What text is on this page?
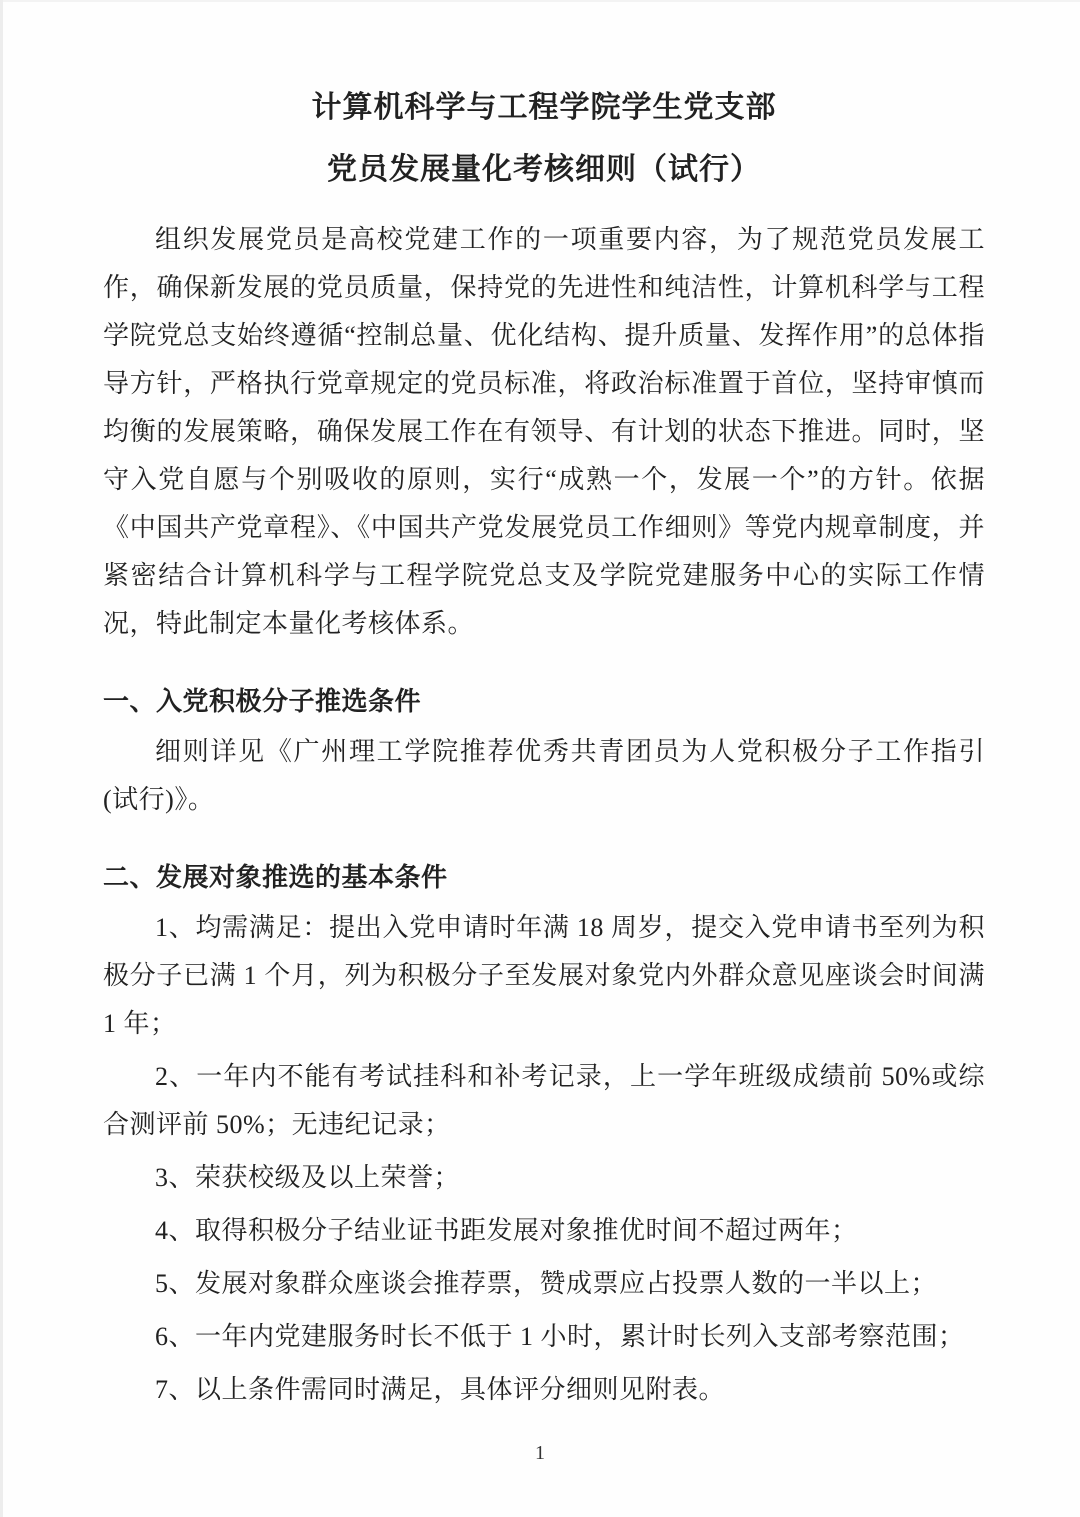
计算机科学与工程学院学生党支部
党员发展量化考核细则（试行）

组织发展党员是高校党建工作的一项重要内容，为了规范党员发展工作，确保新发展的党员质量，保持党的先进性和纯洁性，计算机科学与工程学院党总支始终遵循“控制总量、优化结构、提升质量、发挥作用”的总体指导方针，严格执行党章规定的党员标准，将政治标准置于首位，坚持审慎而均衡的发展策略，确保发展工作在有领导、有计划的状态下推进。同时，坚守入党自愿与个别吸收的原则，实行“成熟一个，发展一个”的方针。依据《中国共产党章程》、《中国共产党发展党员工作细则》等党内规章制度，并紧密结合计算机科学与工程学院党总支及学院党建服务中心的实际工作情况，特此制定本量化考核体系。

一、入党积极分子推选条件

细则详见《广州理工学院推荐优秀共青团员为人党积极分子工作指引(试行)》。

二、发展对象推选的基本条件

1、均需满足：提出入党申请时年满 18 周岁，提交入党申请书至列为积极分子已满 1 个月，列为积极分子至发展对象党内外群众意见座谈会时间满 1 年；

2、一年内不能有考试挂科和补考记录，上一学年班级成绩前 50%或综合测评前 50%；无违纪记录；

3、荣获校级及以上荣誉；

4、取得积极分子结业证书距发展对象推优时间不超过两年；

5、发展对象群众座谈会推荐票，赞成票应占投票人数的一半以上；

6、一年内党建服务时长不低于 1 小时，累计时长列入支部考察范围；

7、以上条件需同时满足，具体评分细则见附表。

1
